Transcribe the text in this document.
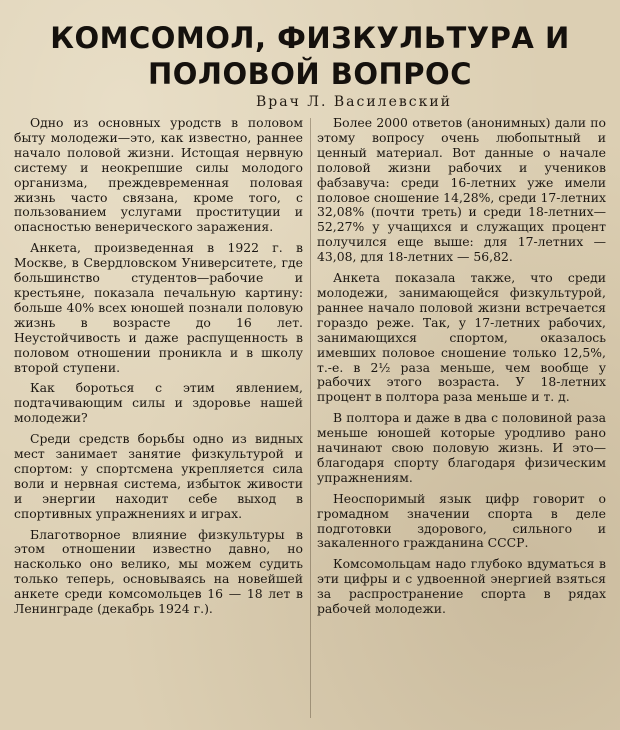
КОМСОМОЛ, ФИЗКУЛЬТУРА И
ПОЛОВОЙ ВОПРОС
Врач Л. Василевский

Одно из основных уродств в половом быту молодежи—это, как известно, раннее начало половой жизни. Истощая нервную систему и неокрепшие силы молодого организма, преждевременная половая жизнь часто связана, кроме того, с пользованием услугами проституции и опасностью венерического заражения.

Анкета, произведенная в 1922 г. в Москве, в Свердловском Университете, где большинство студентов—рабочие и крестьяне, показала печальную картину: больше 40% всех юношей познали половую жизнь в возрасте до 16 лет. Неустойчивость и даже распущенность в половом отношении проникла и в школу второй ступени.

Как бороться с этим явлением, подтачивающим силы и здоровье нашей молодежи?

Среди средств борьбы одно из видных мест занимает занятие физкультурой и спортом: у спортсмена укрепляется сила воли и нервная система, избыток живости и энергии находит себе выход в спортивных упражнениях и играх.

Благотворное влияние физкультуры в этом отношении известно давно, но насколько оно велико, мы можем судить только теперь, основываясь на новейшей анкете среди комсомольцев 16 — 18 лет в Ленинграде (декабрь 1924 г.).

Более 2000 ответов (анонимных) дали по этому вопросу очень любопытный и ценный материал. Вот данные о начале половой жизни рабочих и учеников фабзавуча: среди 16-летних уже имели половое сношение 14,28%, среди 17-летних 32,08% (почти треть) и среди 18-летних—52,27% у учащихся и служащих процент получился еще выше: для 17-летних — 43,08, для 18-летних — 56,82.

Анкета показала также, что среди молодежи, занимающейся физкультурой, раннее начало половой жизни встречается гораздо реже. Так, у 17-летних рабочих, занимающихся спортом, оказалось имевших половое сношение только 12,5%, т.-е. в 2½ раза меньше, чем вообще у рабочих этого возраста. У 18-летних процент в полтора раза меньше и т. д.

В полтора и даже в два с половиной раза меньше юношей которые уродливо рано начинают свою половую жизнь. И это—благодаря спорту благодаря физическим упражнениям.

Неоспоримый язык цифр говорит о громадном значении спорта в деле подготовки здорового, сильного и закаленного гражданина СССР.

Комсомольцам надо глубоко вдуматься в эти цифры и с удвоенной энергией взяться за распространение спорта в рядах рабочей молодежи.
